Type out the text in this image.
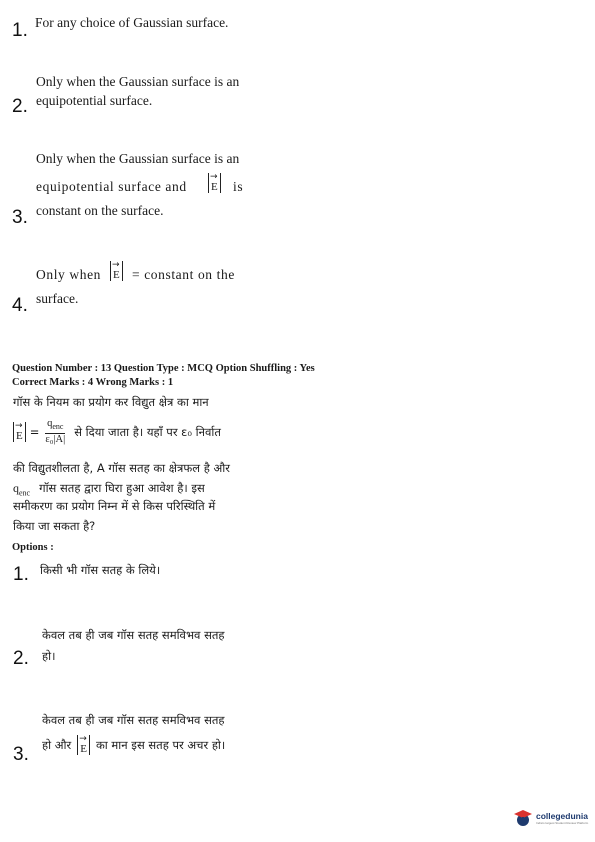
1. For any choice of Gaussian surface.
Only when the Gaussian surface is an
2. equipotential surface.
Only when the Gaussian surface is an
equipotential surface and
→
E is
3. constant on the surface.
Only when
→
E = constant on the
4. surface.
Question Number : 13 Question Type : MCQ Option Shuffling : Yes
Correct Marks : 4 Wrong Marks : 1
गॉस के नियम का प्रयोग कर विद्युत क्षेत्र का मान
→
$E = \frac{q_{enc}}{\text{ε₀|A|}}$ से दिया जाता है। यहाँ पर ε₀ निर्वात
की विद्युतशीलता है, A गॉस सतह का क्षेत्रफल है और
$q_{enc}$ गॉस सतह द्वारा घिरा हुआ आवेश है। इस
समीकरण का प्रयोग निम्न में से किस परिस्थिति में
किया जा सकता है?
Options :
1. किसी भी गॉस सतह के लिये।
केवल तब ही जब गॉस सतह समविभव सतह
2. हो।
केवल तब ही जब गॉस सतह समविभव सतह
हो और →
E का मान इस सतह पर अचर हो।
3.
collegedunia
India's largest Student Review Platform
